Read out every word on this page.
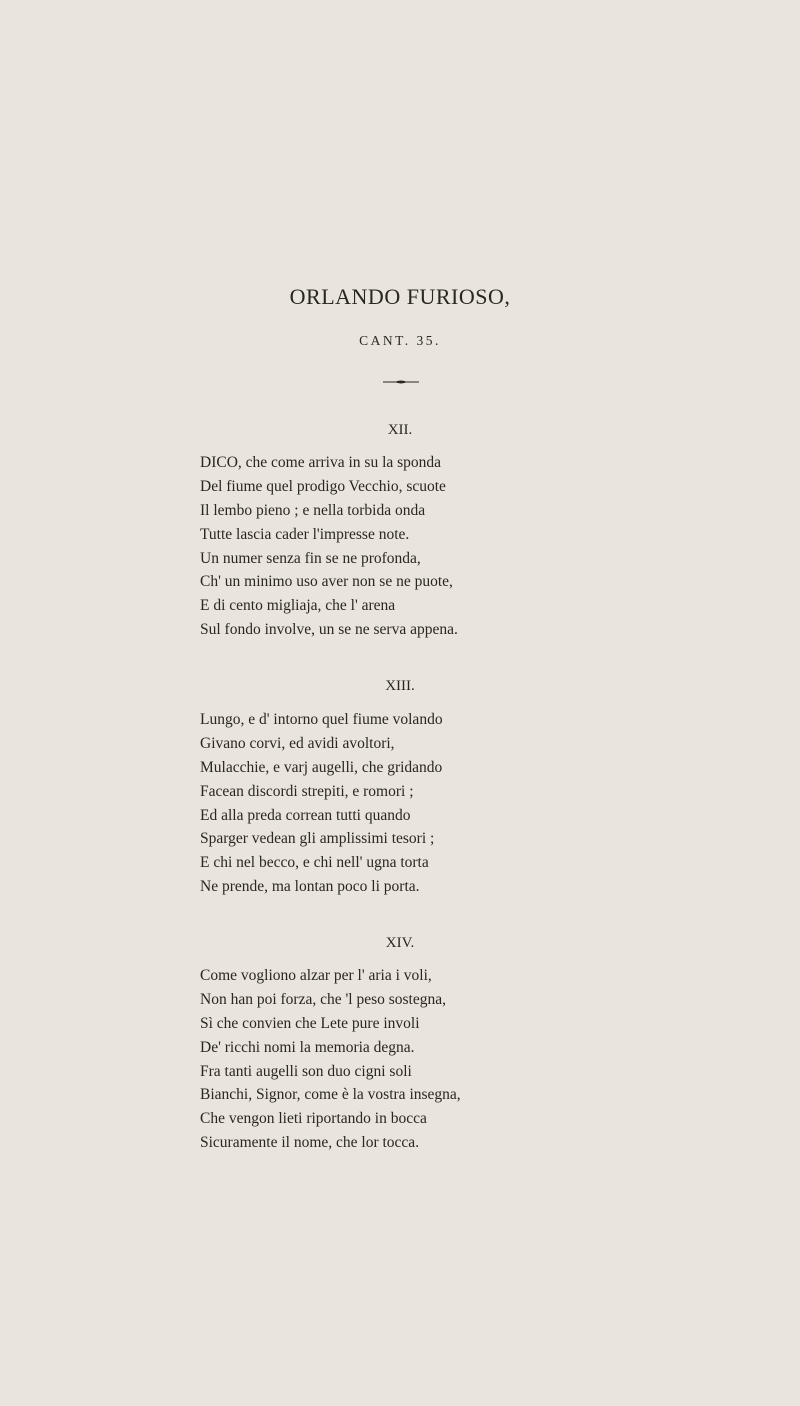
ORLANDO FURIOSO,
CANT. 35.
XII.
DICO, che come arriva in su la sponda
Del fiume quel prodigo Vecchio, scuote
Il lembo pieno ; e nella torbida onda
Tutte lascia cader l'impresse note.
Un numer senza fin se ne profonda,
Ch' un minimo uso aver non se ne puote,
E di cento migliaja, che l' arena
Sul fondo involve, un se ne serva appena.
XIII.
Lungo, e d' intorno quel fiume volando
Givano corvi, ed avidi avoltori,
Mulacchie, e varj augelli, che gridando
Facean discordi strepiti, e romori ;
Ed alla preda correan tutti quando
Sparger vedean gli amplissimi tesori ;
E chi nel becco, e chi nell' ugna torta
Ne prende, ma lontan poco li porta.
XIV.
Come vogliono alzar per l' aria i voli,
Non han poi forza, che 'l peso sostegna,
Sì che convien che Lete pure involi
De' ricchi nomi la memoria degna.
Fra tanti augelli son duo cigni soli
Bianchi, Signor, come è la vostra insegna,
Che vengon lieti riportando in bocca
Sicuramente il nome, che lor tocca.
